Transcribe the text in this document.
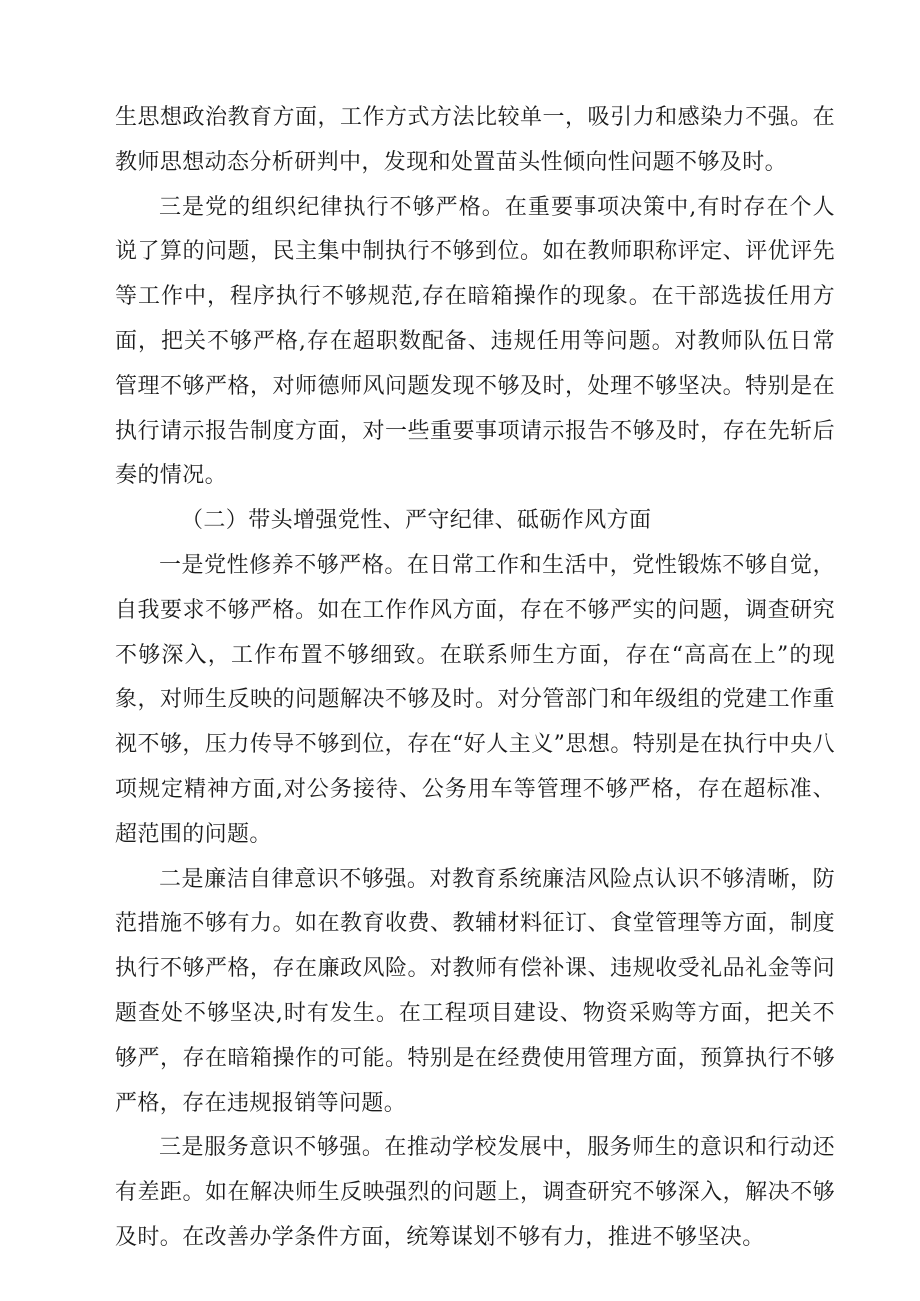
生思想政治教育方面，工作方式方法比较单一，吸引力和感染力不强。在教师思想动态分析研判中，发现和处置苗头性倾向性问题不够及时。

三是党的组织纪律执行不够严格。在重要事项决策中,有时存在个人说了算的问题，民主集中制执行不够到位。如在教师职称评定、评优评先等工作中，程序执行不够规范,存在暗箱操作的现象。在干部选拔任用方面，把关不够严格,存在超职数配备、违规任用等问题。对教师队伍日常管理不够严格，对师德师风问题发现不够及时，处理不够坚决。特别是在执行请示报告制度方面，对一些重要事项请示报告不够及时，存在先斩后奏的情况。

（二）带头增强党性、严守纪律、砥砺作风方面

一是党性修养不够严格。在日常工作和生活中，党性锻炼不够自觉，自我要求不够严格。如在工作作风方面，存在不够严实的问题，调查研究不够深入，工作布置不够细致。在联系师生方面，存在“高高在上”的现象，对师生反映的问题解决不够及时。对分管部门和年级组的党建工作重视不够，压力传导不够到位，存在“好人主义”思想。特别是在执行中央八项规定精神方面,对公务接待、公务用车等管理不够严格，存在超标准、超范围的问题。

二是廉洁自律意识不够强。对教育系统廉洁风险点认识不够清晰，防范措施不够有力。如在教育收费、教辅材料征订、食堂管理等方面，制度执行不够严格，存在廉政风险。对教师有偿补课、违规收受礼品礼金等问题查处不够坚决,时有发生。在工程项目建设、物资采购等方面，把关不够严，存在暗箱操作的可能。特别是在经费使用管理方面，预算执行不够严格，存在违规报销等问题。

三是服务意识不够强。在推动学校发展中，服务师生的意识和行动还有差距。如在解决师生反映强烈的问题上，调查研究不够深入，解决不够及时。在改善办学条件方面，统筹谋划不够有力，推进不够坚决。
